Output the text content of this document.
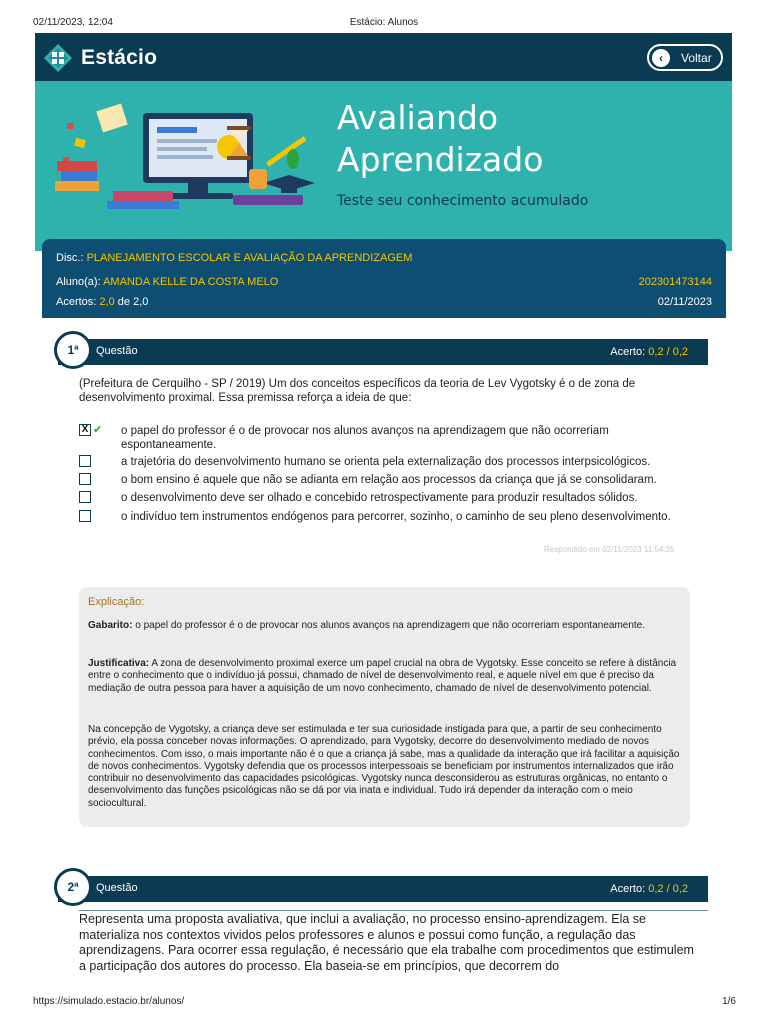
02/11/2023, 12:04	Estácio: Alunos
Estácio	‹	Voltar
Avaliando
Aprendizado
Teste seu conhecimento acumulado
Disc.: PLANEJAMENTO ESCOLAR E AVALIAÇÃO DA APRENDIZAGEM
Aluno(a): AMANDA KELLE DA COSTA MELO	202301473144
Acertos: 2,0 de 2,0	02/11/2023
1ª	Questão	Acerto: 0,2 / 0,2
(Prefeitura de Cerquilho - SP / 2019) Um dos conceitos específicos da teoria de Lev Vygotsky é o de zona de desenvolvimento proximal. Essa premissa reforça a ideia de que:
X ✔ o papel do professor é o de provocar nos alunos avanços na aprendizagem que não ocorreriam espontaneamente.
a trajetória do desenvolvimento humano se orienta pela externalização dos processos interpsicológicos.
o bom ensino é aquele que não se adianta em relação aos processos da criança que já se consolidaram.
o desenvolvimento deve ser olhado e concebido retrospectivamente para produzir resultados sólidos.
o indivíduo tem instrumentos endógenos para percorrer, sozinho, o caminho de seu pleno desenvolvimento.
Respondido em 02/11/2023 11:54:35
Explicação:
Gabarito: o papel do professor é o de provocar nos alunos avanços na aprendizagem que não ocorreriam espontaneamente.
Justificativa: A zona de desenvolvimento proximal exerce um papel crucial na obra de Vygotsky. Esse conceito se refere à distância entre o conhecimento que o indivíduo já possui, chamado de nível de desenvolvimento real, e aquele nível em que é preciso da mediação de outra pessoa para haver a aquisição de um novo conhecimento, chamado de nível de desenvolvimento potencial.
Na concepção de Vygotsky, a criança deve ser estimulada e ter sua curiosidade instigada para que, a partir de seu conhecimento prévio, ela possa conceber novas informações. O aprendizado, para Vygotsky, decorre do desenvolvimento mediado de novos conhecimentos. Com isso, o mais importante não é o que a criança já sabe, mas a qualidade da interação que irá facilitar a aquisição de novos conhecimentos. Vygotsky defendia que os processos interpessoais se beneficiam por instrumentos internalizados que irão contribuir no desenvolvimento das capacidades psicológicas. Vygotsky nunca desconsiderou as estruturas orgânicas, no entanto o desenvolvimento das funções psicológicas não se dá por via inata e individual. Tudo irá depender da interação com o meio sociocultural.
2ª	Questão	Acerto: 0,2 / 0,2
Representa uma proposta avaliativa, que inclui a avaliação, no processo ensino-aprendizagem. Ela se materializa nos contextos vividos pelos professores e alunos e possui como função, a regulação das aprendizagens. Para ocorrer essa regulação, é necessário que ela trabalhe com procedimentos que estimulem a participação dos autores do processo. Ela baseia-se em princípios, que decorrem do
https://simulado.estacio.br/alunos/	1/6
